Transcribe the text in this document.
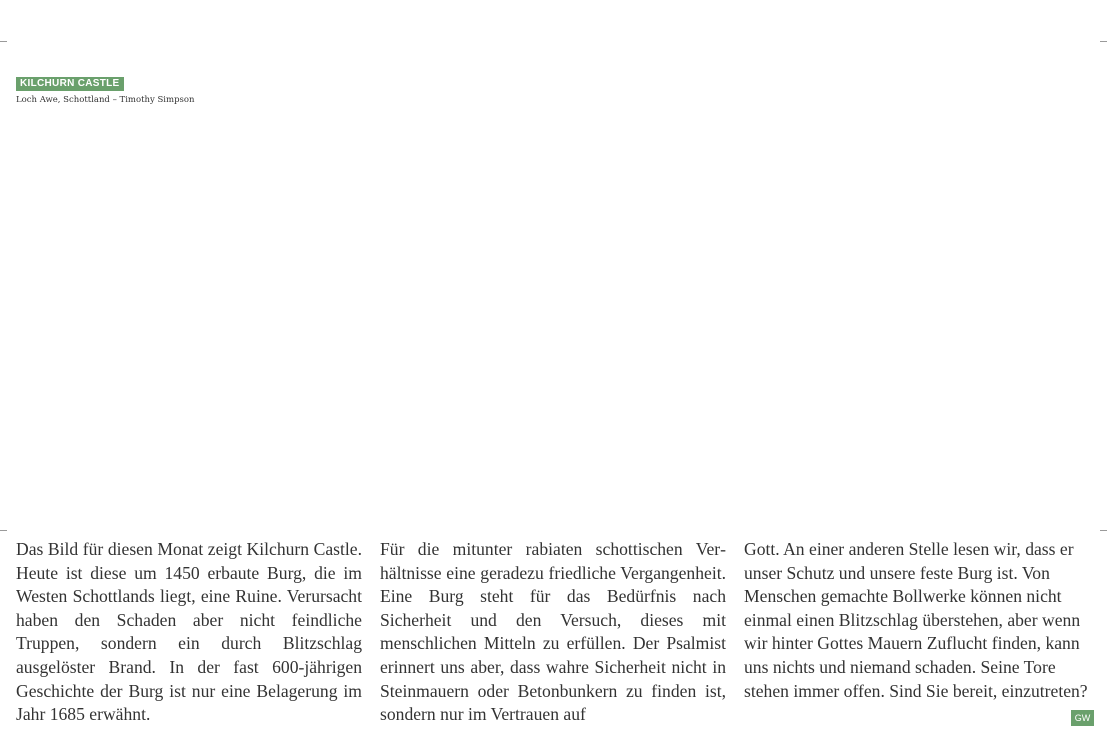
KILCHURN CASTLE
Loch Awe, Schottland – Timothy Simpson

Das Bild für diesen Monat zeigt Kilchurn Castle. Heute ist diese um 1450 erbaute Burg, die im Westen Schottlands liegt, eine Ruine. Verursacht haben den Schaden aber nicht feindliche Truppen, sondern ein durch Blitzschlag ausgelöster Brand. In der fast 600-jährigen Geschichte der Burg ist nur eine Belagerung im Jahr 1685 erwähnt.

Für die mitunter rabiaten schottischen Verhältnisse eine geradezu friedliche Vergangenheit. Eine Burg steht für das Bedürfnis nach Sicherheit und den Versuch, dieses mit menschlichen Mitteln zu erfüllen. Der Psalmist erinnert uns aber, dass wahre Sicherheit nicht in Steinmauern oder Betonbunkern zu finden ist, sondern nur im Vertrauen auf

Gott. An einer anderen Stelle lesen wir, dass er unser Schutz und unsere feste Burg ist. Von Menschen gemachte Bollwerke können nicht einmal einen Blitzschlag überstehen, aber wenn wir hinter Gottes Mauern Zuflucht finden, kann uns nichts und niemand schaden. Seine Tore stehen immer offen. Sind Sie bereit, einzutreten?

GW
